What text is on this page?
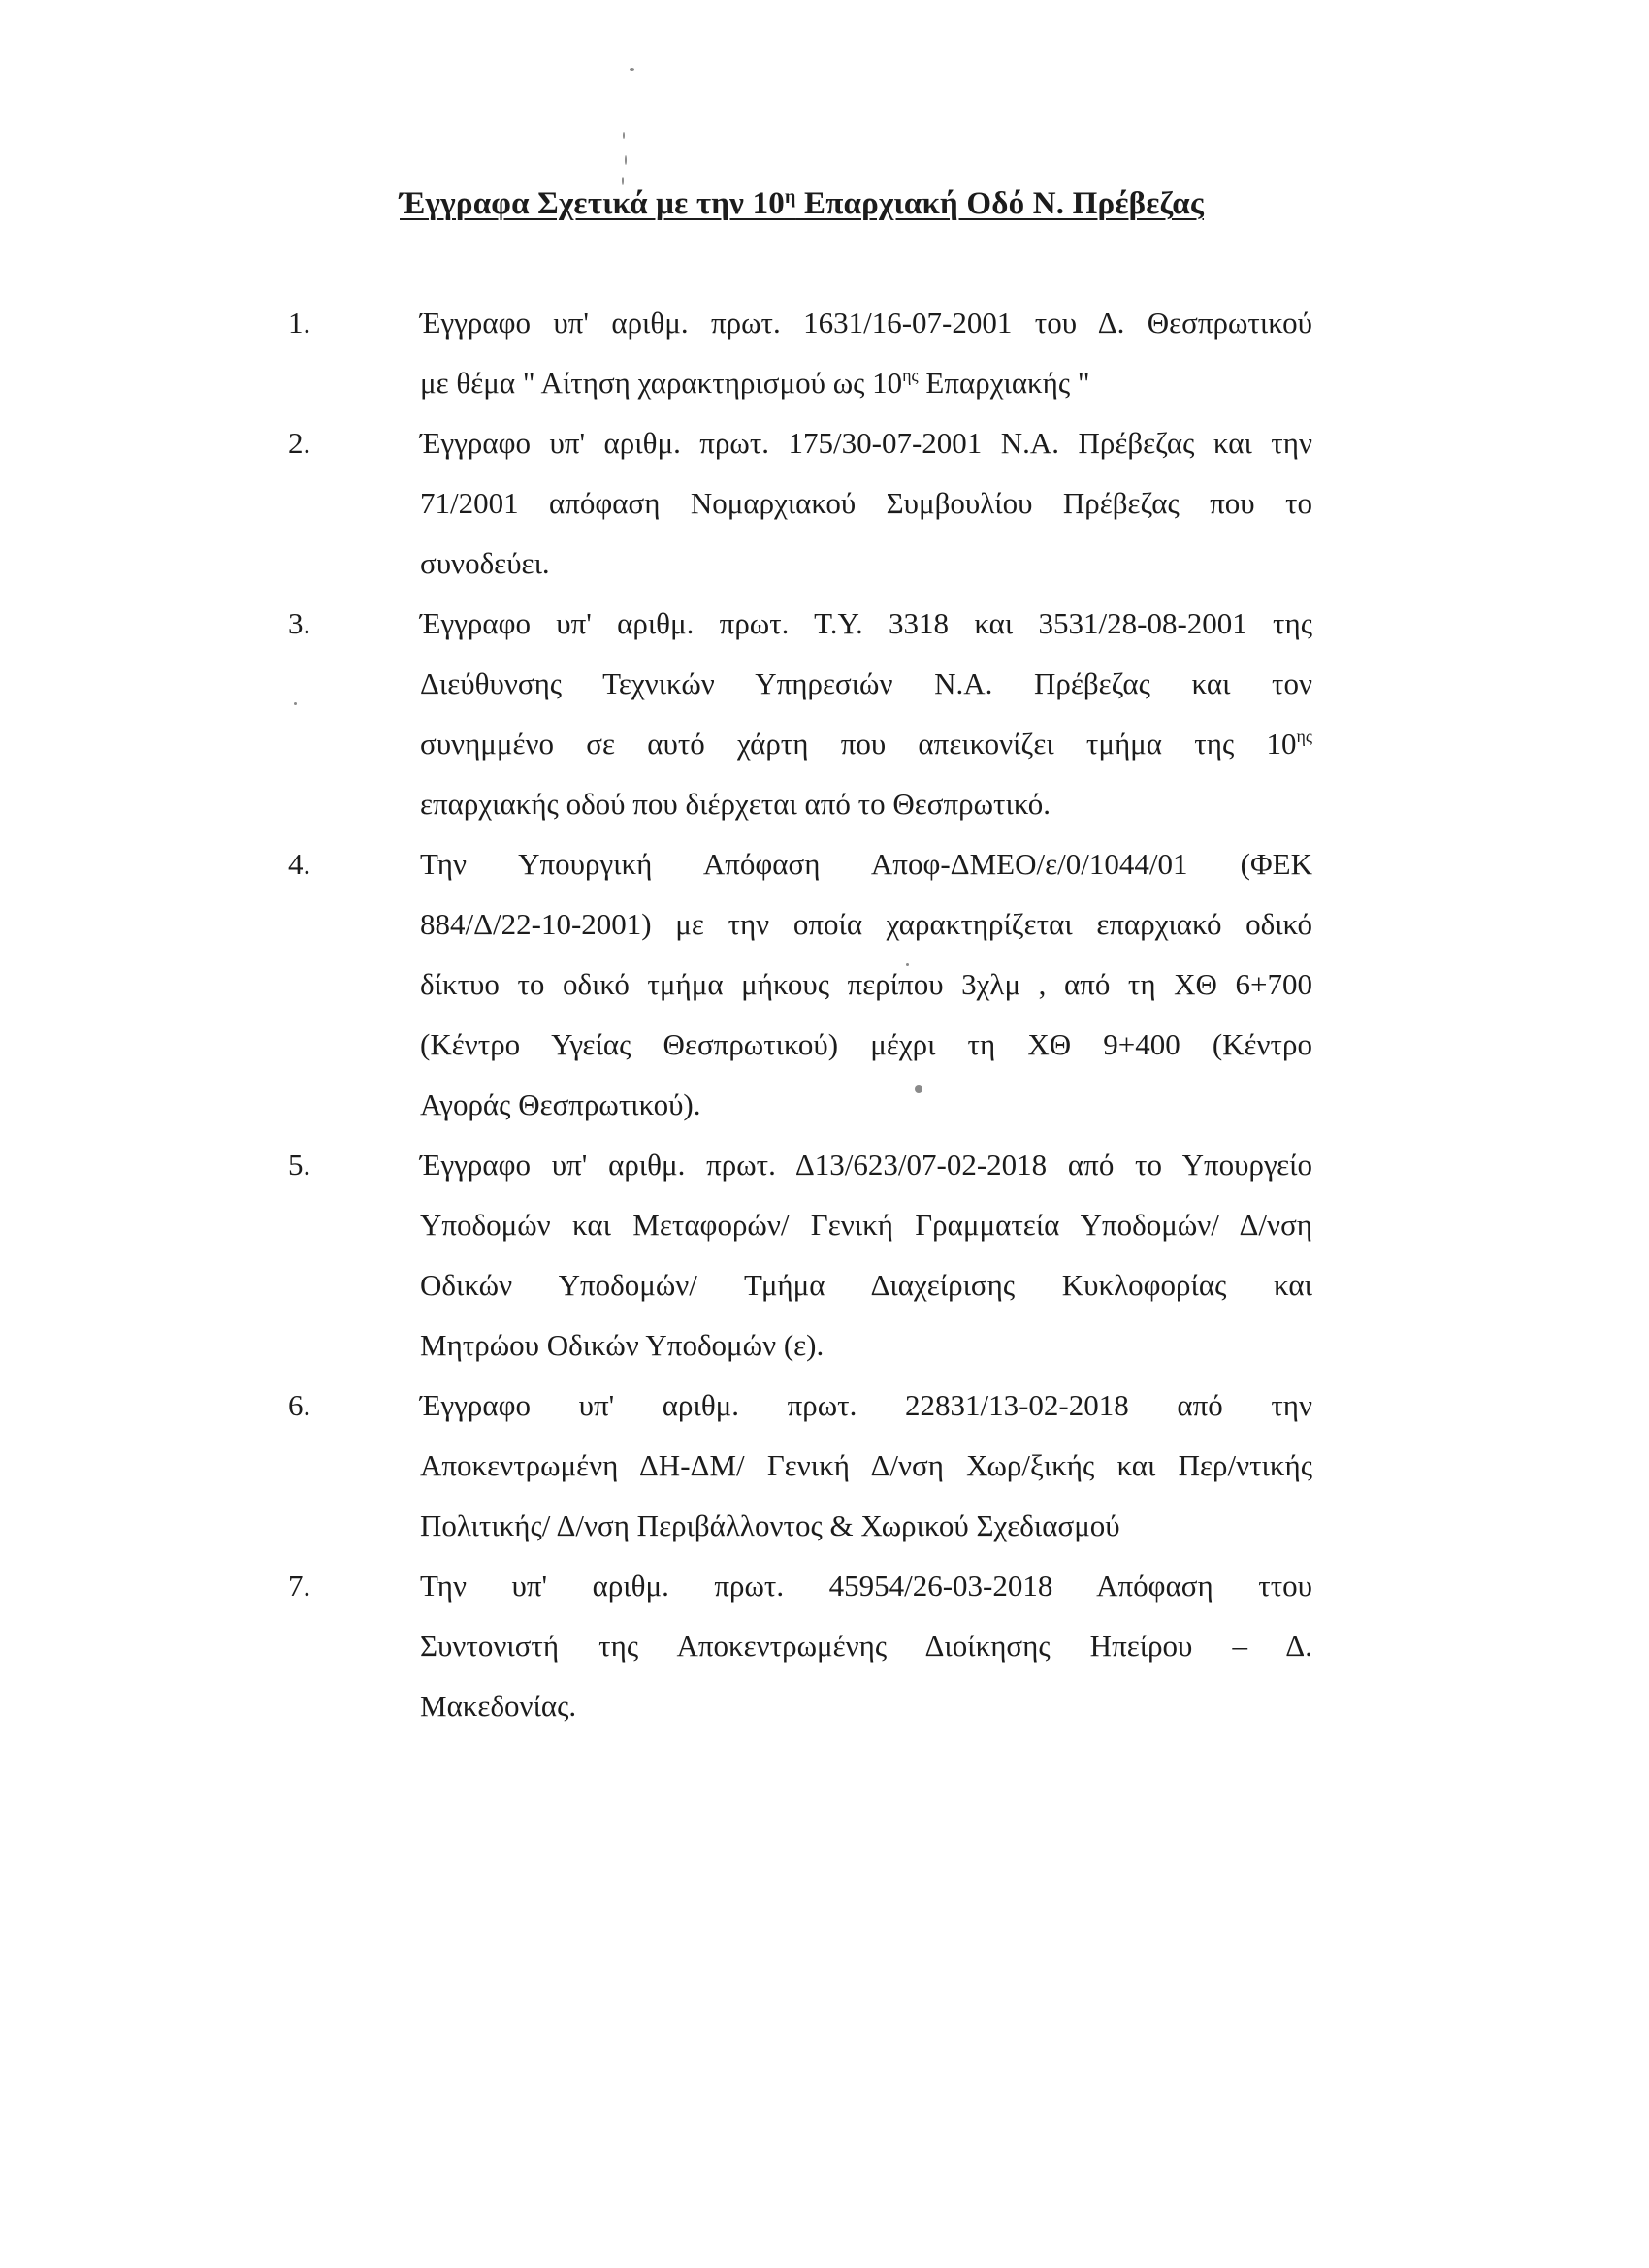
Έγγραφα Σχετικά με την $10^\eta$ Επαρχιακή Οδό Ν. Πρέβεζας
1.	Έγγραφο υπ' αριθμ. πρωτ. 1631/16-07-2001 του Δ. Θεσπρωτικού
με θέμα " Αίτηση χαρακτηρισμού ως $10^{\eta\varsigma}$ Επαρχιακής "
2.	Έγγραφο υπ' αριθμ. πρωτ. 175/30-07-2001 Ν.Α. Πρέβεζας και την
71/2001 απόφαση Νομαρχιακού Συμβουλίου Πρέβεζας που το
συνοδεύει.
3.	Έγγραφο υπ' αριθμ. πρωτ. Τ.Υ. 3318 και 3531/28-08-2001 της
Διεύθυνσης Τεχνικών Υπηρεσιών Ν.Α. Πρέβεζας και τον
συνημμένο σε αυτό χάρτη που απεικονίζει τμήμα της $10^{\eta\varsigma}$
επαρχιακής οδού που διέρχεται από το Θεσπρωτικό.
4.	Την Υπουργική Απόφαση Αποφ-ΔΜΕΟ/ε/0/1044/01 (ΦΕΚ
884/Δ/22-10-2001) με την οποία χαρακτηρίζεται επαρχιακό οδικό
δίκτυο το οδικό τμήμα μήκους περίπου 3χλμ , από τη ΧΘ 6+700
(Κέντρο Υγείας Θεσπρωτικού) μέχρι τη ΧΘ 9+400 (Κέντρο
Αγοράς Θεσπρωτικού).
5.	Έγγραφο υπ' αριθμ. πρωτ. Δ13/623/07-02-2018 από το Υπουργείο
Υποδομών και Μεταφορών/ Γενική Γραμματεία Υποδομών/ Δ/νση
Οδικών Υποδομών/ Τμήμα Διαχείρισης Κυκλοφορίας και
Μητρώου Οδικών Υποδομών (ε).
6.	Έγγραφο υπ' αριθμ. πρωτ. 22831/13-02-2018 από την
Αποκεντρωμένη ΔΗ-ΔΜ/ Γενική Δ/νση Χωρ/ξικής και Περ/ντικής
Πολιτικής/ Δ/νση Περιβάλλοντος & Χωρικού Σχεδιασμού
7.	Την υπ' αριθμ. πρωτ. 45954/26-03-2018 Απόφαση ττου
Συντονιστή της Αποκεντρωμένης Διοίκησης Ηπείρου – Δ.
Μακεδονίας.
